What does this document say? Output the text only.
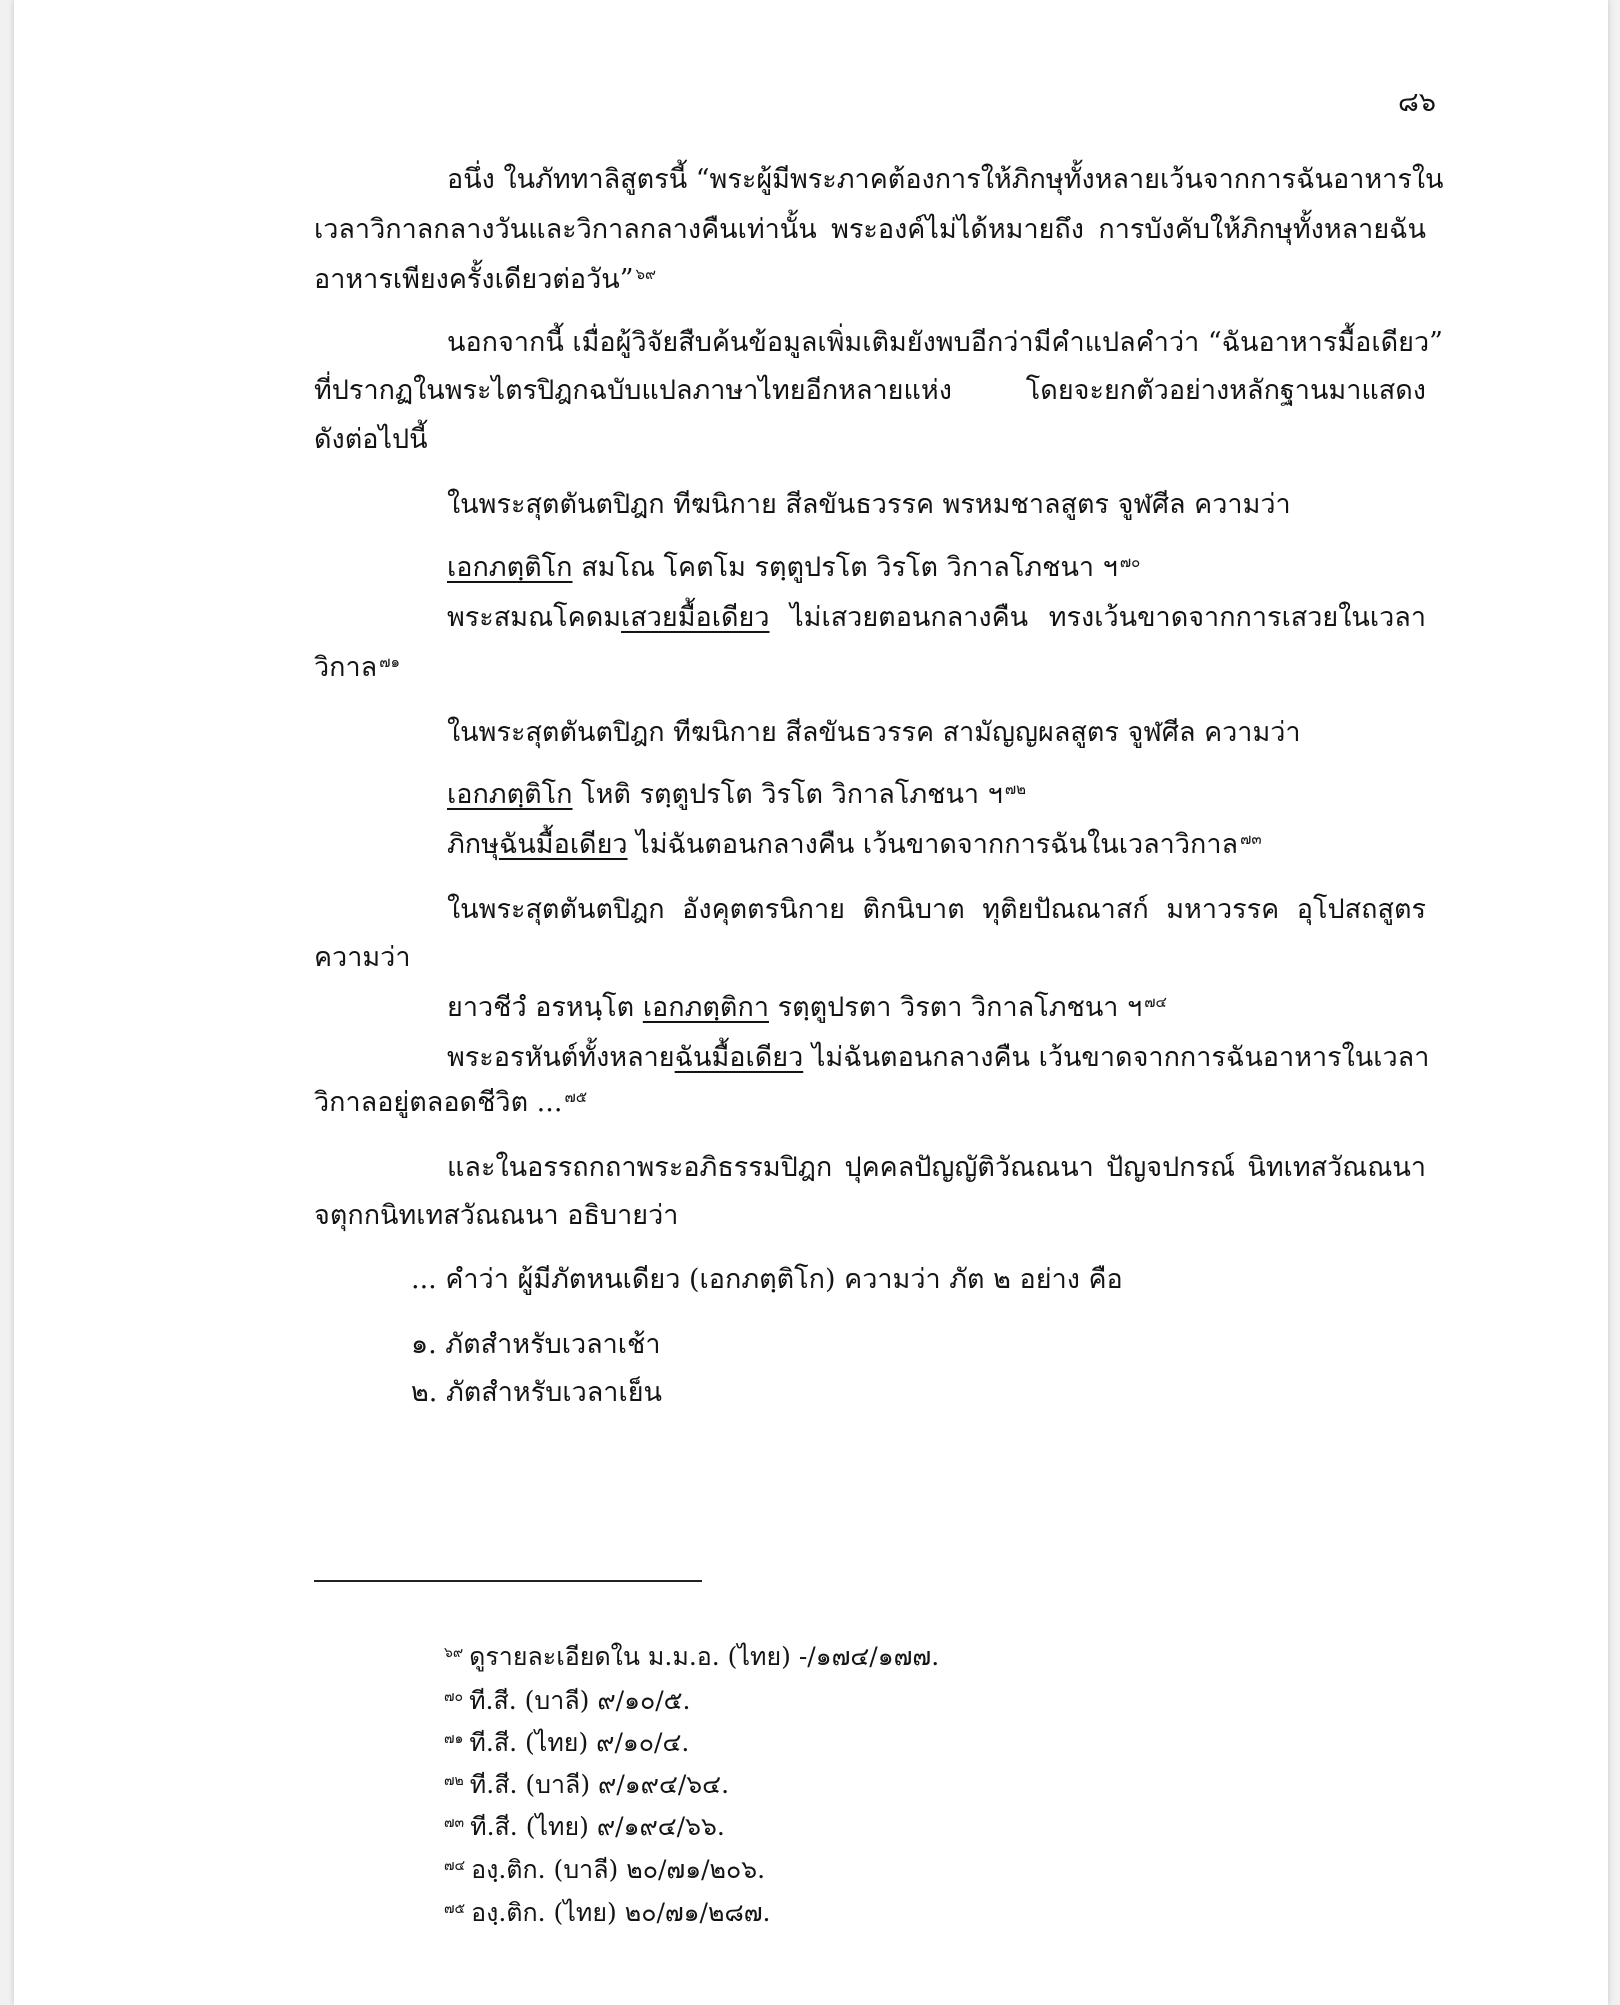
๘๖
อนึ่ง ในภัททาลิสูตรนี้ “พระผู้มีพระภาคต้องการให้ภิกษุทั้งหลายเว้นจากการฉันอาหารใน
เวลาวิกาลกลางวันและวิกาลกลางคืนเท่านั้น พระองค์ไม่ได้หมายถึง การบังคับให้ภิกษุทั้งหลายฉัน
อาหารเพียงครั้งเดียวต่อวัน” $^{๖๙}$
นอกจากนี้ เมื่อผู้วิจัยสืบค้นข้อมูลเพิ่มเติมยังพบอีกว่ามีคำแปลคำว่า “ฉันอาหารมื้อเดียว”
ที่ปรากฏในพระไตรปิฎกฉบับแปลภาษาไทยอีกหลายแห่ง โดยจะยกตัวอย่างหลักฐานมาแสดง
ดังต่อไปนี้
ในพระสุตตันตปิฎก ทีฆนิกาย สีลขันธวรรค พรหมชาลสูตร จูฬศีล ความว่า
เอกภตฺติโก สมโณ โคตโม รตฺตูปรโต วิรโต วิกาลโภชนา ฯ $^{๗๐}$
พระสมณโคดมเสวยมื้อเดียว ไม่เสวยตอนกลางคืน ทรงเว้นขาดจากการเสวยในเวลา
วิกาล $^{๗๑}$
ในพระสุตตันตปิฎก ทีฆนิกาย สีลขันธวรรค สามัญญผลสูตร จูฬศีล ความว่า
เอกภตฺติโก โหติ รตฺตูปรโต วิรโต วิกาลโภชนา ฯ $^{๗๒}$
ภิกษุฉันมื้อเดียว ไม่ฉันตอนกลางคืน เว้นขาดจากการฉันในเวลาวิกาล $^{๗๓}$
ในพระสุตตันตปิฎก อังคุตตรนิกาย ติกนิบาต ทุติยปัณณาสก์ มหาวรรค อุโปสถสูตร
ความว่า
ยาวชีวํ อรหนฺโต เอกภตฺติกา รตฺตูปรตา วิรตา วิกาลโภชนา ฯ $^{๗๔}$
พระอรหันต์ทั้งหลายฉันมื้อเดียว ไม่ฉันตอนกลางคืน เว้นขาดจากการฉันอาหารในเวลา
วิกาลอยู่ตลอดชีวิต ... $^{๗๕}$
และในอรรถกถาพระอภิธรรมปิฎก ปุคคลปัญญัติวัณณนา ปัญจปกรณ์ นิทเทสวัณณนา
จตุกกนิทเทสวัณณนา อธิบายว่า
... คำว่า ผู้มีภัตหนเดียว (เอกภตฺติโก) ความว่า ภัต ๒ อย่าง คือ
๑. ภัตสำหรับเวลาเช้า
๒. ภัตสำหรับเวลาเย็น
$^{๖๙}$ ดูรายละเอียดใน ม.ม.อ. (ไทย) -/๑๗๔/๑๗๗.
$^{๗๐}$ ที.สี. (บาลี) ๙/๑๐/๕.
$^{๗๑}$ ที.สี. (ไทย) ๙/๑๐/๔.
$^{๗๒}$ ที.สี. (บาลี) ๙/๑๙๔/๖๔.
$^{๗๓}$ ที.สี. (ไทย) ๙/๑๙๔/๖๖.
$^{๗๔}$ องฺ.ติก. (บาลี) ๒๐/๗๑/๒๐๖.
$^{๗๕}$ องฺ.ติก. (ไทย) ๒๐/๗๑/๒๘๗.
